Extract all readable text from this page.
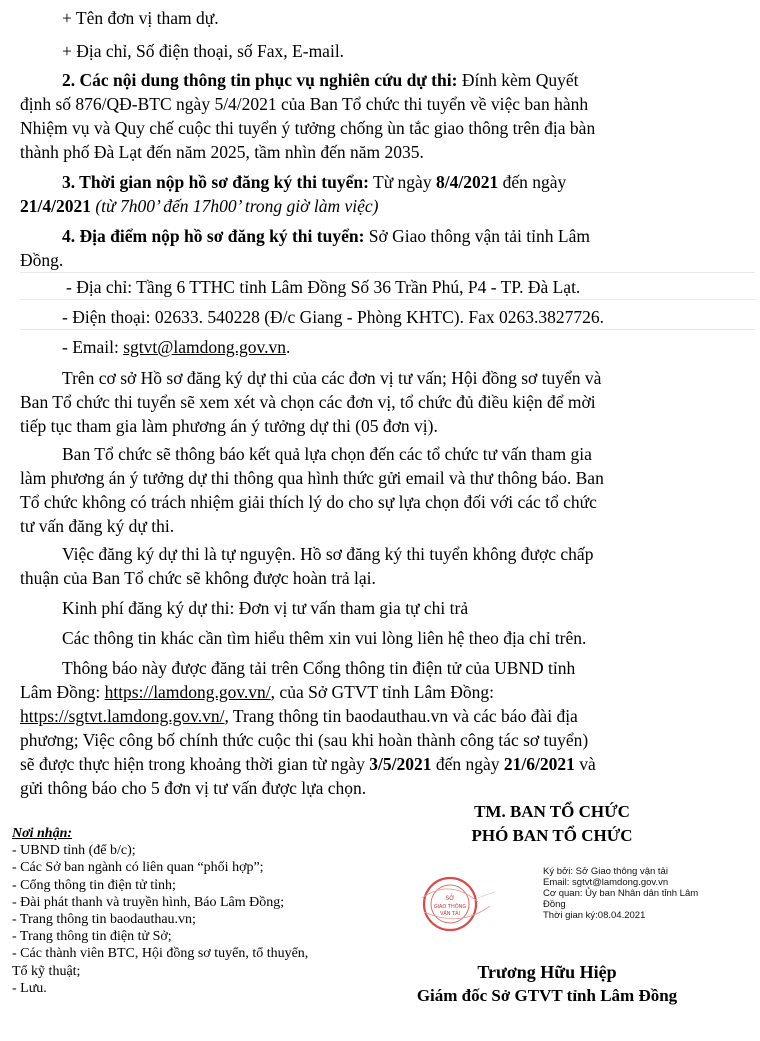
+ Tên đơn vị tham dự.
+ Địa chỉ, Số điện thoại, số Fax, E-mail.
2. Các nội dung thông tin phục vụ nghiên cứu dự thi: Đính kèm Quyết
định số 876/QĐ-BTC ngày 5/4/2021 của Ban Tổ chức thi tuyển về việc ban hành
Nhiệm vụ và Quy chế cuộc thi tuyển ý tưởng chống ùn tắc giao thông trên địa bàn
thành phố Đà Lạt đến năm 2025, tầm nhìn đến năm 2035.
3. Thời gian nộp hồ sơ đăng ký thi tuyển: Từ ngày 8/4/2021 đến ngày
21/4/2021 (từ 7h00’ đến 17h00’ trong giờ làm việc)
4. Địa điểm nộp hồ sơ đăng ký thi tuyển: Sở Giao thông vận tải tỉnh Lâm
Đồng.
- Địa chỉ: Tầng 6 TTHC tỉnh Lâm Đồng Số 36 Trần Phú, P4 - TP. Đà Lạt.
- Điện thoại: 02633. 540228 (Đ/c Giang - Phòng KHTC). Fax 0263.3827726.
- Email: sgtvt@lamdong.gov.vn.
Trên cơ sở Hồ sơ đăng ký dự thi của các đơn vị tư vấn; Hội đồng sơ tuyển và
Ban Tổ chức thi tuyển sẽ xem xét và chọn các đơn vị, tổ chức đủ điều kiện để mời
tiếp tục tham gia làm phương án ý tưởng dự thi (05 đơn vị).
Ban Tổ chức sẽ thông báo kết quả lựa chọn đến các tổ chức tư vấn tham gia
làm phương án ý tưởng dự thi thông qua hình thức gửi email và thư thông báo. Ban
Tổ chức không có trách nhiệm giải thích lý do cho sự lựa chọn đối với các tổ chức
tư vấn đăng ký dự thi.
Việc đăng ký dự thi là tự nguyện. Hồ sơ đăng ký thi tuyển không được chấp
thuận của Ban Tổ chức sẽ không được hoàn trả lại.
Kinh phí đăng ký dự thi: Đơn vị tư vấn tham gia tự chi trả
Các thông tin khác cần tìm hiểu thêm xin vui lòng liên hệ theo địa chỉ trên.
Thông báo này được đăng tải trên Cổng thông tin điện tử của UBND tỉnh
Lâm Đồng: https://lamdong.gov.vn/, của Sở GTVT tỉnh Lâm Đồng:
https://sgtvt.lamdong.gov.vn/, Trang thông tin baodauthau.vn và các báo đài địa
phương; Việc công bố chính thức cuộc thi (sau khi hoàn thành công tác sơ tuyển)
sẽ được thực hiện trong khoảng thời gian từ ngày 3/5/2021 đến ngày 21/6/2021 và
gửi thông báo cho 5 đơn vị tư vấn được lựa chọn.
Nơi nhận:
- UBND tỉnh (để b/c);
- Các Sở ban ngành có liên quan “phối hợp”;
- Cổng thông tin điện tử tỉnh;
- Đài phát thanh và truyền hình, Báo Lâm Đồng;
- Trang thông tin baodauthau.vn;
- Trang thông tin điện tử Sở;
- Các thành viên BTC, Hội đồng sơ tuyển, tổ thuyển, Tổ kỹ thuật;
- Lưu.
TM. BAN TỔ CHỨC
PHÓ BAN TỔ CHỨC
SỞ
GIAO THÔNG
VẬN TẢI
Ký bởi: Sở Giao thông vận tải
Email: sgtvt@lamdong.gov.vn
Cơ quan: Ủy ban Nhân dân tỉnh Lâm Đồng
Thời gian ký:08.04.2021
Trương Hữu Hiệp
Giám đốc Sở GTVT tỉnh Lâm Đồng
